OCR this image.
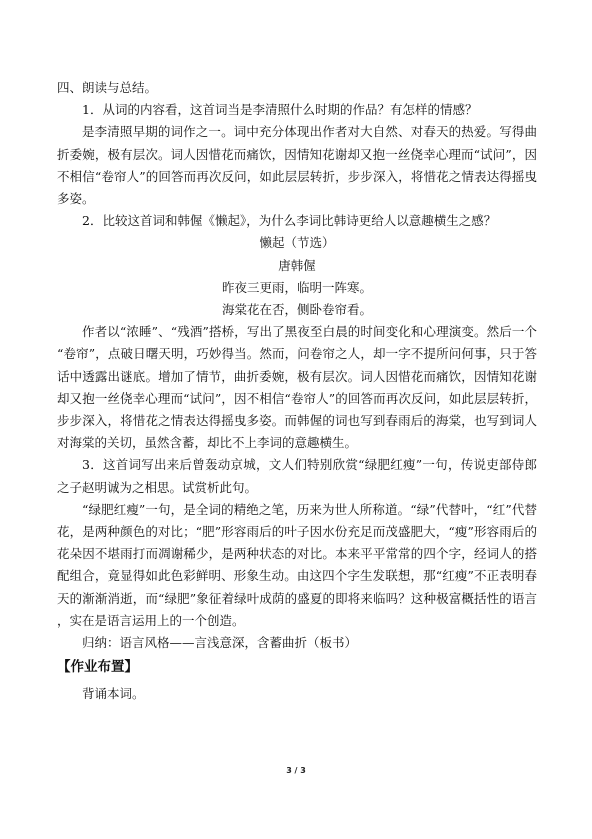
四、朗读与总结。

1．从词的内容看，这首词当是李清照什么时期的作品？有怎样的情感？

是李清照早期的词作之一。词中充分体现出作者对大自然、对春天的热爱。写得曲折委婉，极有层次。词人因惜花而痛饮，因情知花谢却又抱一丝侥幸心理而“试问”，因不相信“卷帘人”的回答而再次反问，如此层层转折，步步深入，将惜花之情表达得摇曳多姿。

2．比较这首词和韩偓《懒起》，为什么李词比韩诗更给人以意趣横生之感？

懒起（节选）

唐韩偓

昨夜三更雨，临明一阵寒。

海棠花在否，侧卧卷帘看。

作者以“浓睡”、“残酒”搭桥，写出了黑夜至白晨的时间变化和心理演变。然后一个“卷帘”，点破日曙天明，巧妙得当。然而，问卷帘之人，却一字不提所问何事，只于答话中透露出谜底。增加了情节，曲折委婉，极有层次。词人因惜花而痛饮，因情知花谢却又抱一丝侥幸心理而“试问”，因不相信“卷帘人”的回答而再次反问，如此层层转折，步步深入，将惜花之情表达得摇曳多姿。而韩偓的词也写到春雨后的海棠，也写到词人对海棠的关切，虽然含蓄，却比不上李词的意趣横生。

3．这首词写出来后曾轰动京城，文人们特别欣赏“绿肥红瘦”一句，传说吏部侍郎之子赵明诚为之相思。试赏析此句。

“绿肥红瘦”一句，是全词的精绝之笔，历来为世人所称道。“绿”代替叶，“红”代替花，是两种颜色的对比；“肥”形容雨后的叶子因水份充足而茂盛肥大，“瘦”形容雨后的花朵因不堪雨打而凋谢稀少，是两种状态的对比。本来平平常常的四个字，经词人的搭配组合，竟显得如此色彩鲜明、形象生动。由这四个字生发联想，那“红瘦”不正表明春天的渐渐消逝，而“绿肥”象征着绿叶成荫的盛夏的即将来临吗？这种极富概括性的语言，实在是语言运用上的一个创造。

归纳：语言风格——言浅意深，含蓄曲折（板书）

【作业布置】

背诵本词。

3 / 3
